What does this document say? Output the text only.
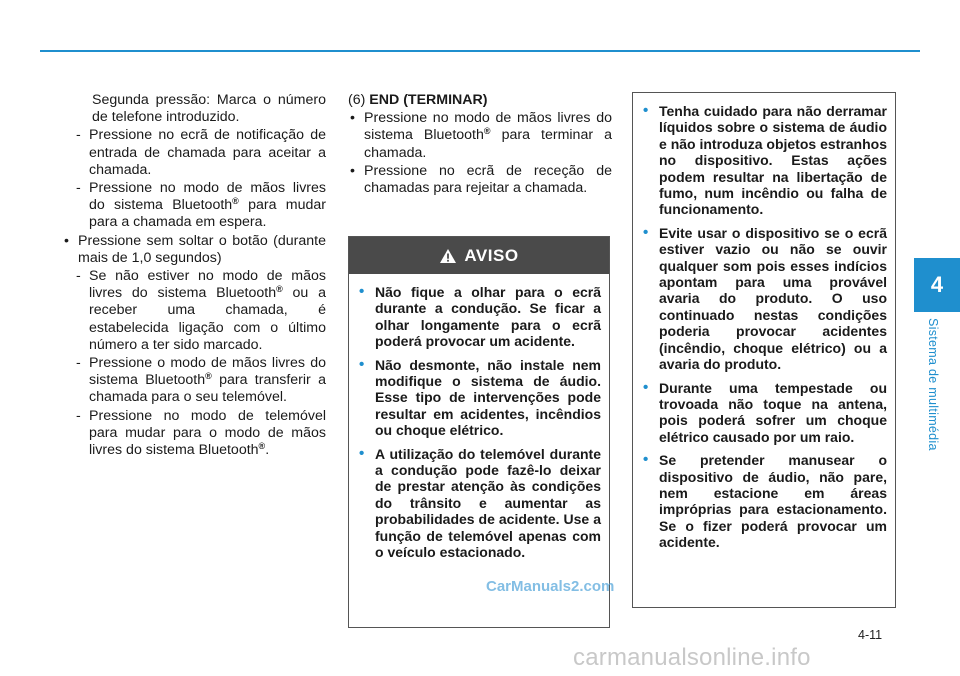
Segunda pressão: Marca o número de telefone introduzido.
- Pressione no ecrã de notificação de entrada de chamada para aceitar a chamada.
- Pressione no modo de mãos livres do sistema Bluetooth® para mudar para a chamada em espera.
• Pressione sem soltar o botão (durante mais de 1,0 segundos)
- Se não estiver no modo de mãos livres do sistema Bluetooth® ou a receber uma chamada, é estabelecida ligação com o último número a ter sido marcado.
- Pressione o modo de mãos livres do sistema Bluetooth® para transferir a chamada para o seu telemóvel.
- Pressione no modo de telemóvel para mudar para o modo de mãos livres do sistema Bluetooth®.
(6) END (TERMINAR)
• Pressione no modo de mãos livres do sistema Bluetooth® para terminar a chamada.
• Pressione no ecrã de receção de chamadas para rejeitar a chamada.
AVISO
• Não fique a olhar para o ecrã durante a condução. Se ficar a olhar longamente para o ecrã poderá provocar um acidente.
• Não desmonte, não instale nem modifique o sistema de áudio. Esse tipo de intervenções pode resultar em acidentes, incêndios ou choque elétrico.
• A utilização do telemóvel durante a condução pode fazê-lo deixar de prestar atenção às condições do trânsito e aumentar as probabilidades de acidente. Use a função de telemóvel apenas com o veículo estacionado.
• Tenha cuidado para não derramar líquidos sobre o sistema de áudio e não introduza objetos estranhos no dispositivo. Estas ações podem resultar na libertação de fumo, num incêndio ou falha de funcionamento.
• Evite usar o dispositivo se o ecrã estiver vazio ou não se ouvir qualquer som pois esses indícios apontam para uma provável avaria do produto. O uso continuado nestas condições poderia provocar acidentes (incêndio, choque elétrico) ou a avaria do produto.
• Durante uma tempestade ou trovoada não toque na antena, pois poderá sofrer um choque elétrico causado por um raio.
• Se pretender manusear o dispositivo de áudio, não pare, nem estacione em áreas impróprias para estacionamento. Se o fizer poderá provocar um acidente.
4
Sistema de multimédia
4-11
CarManuals2.com
carmanualsonline.info
